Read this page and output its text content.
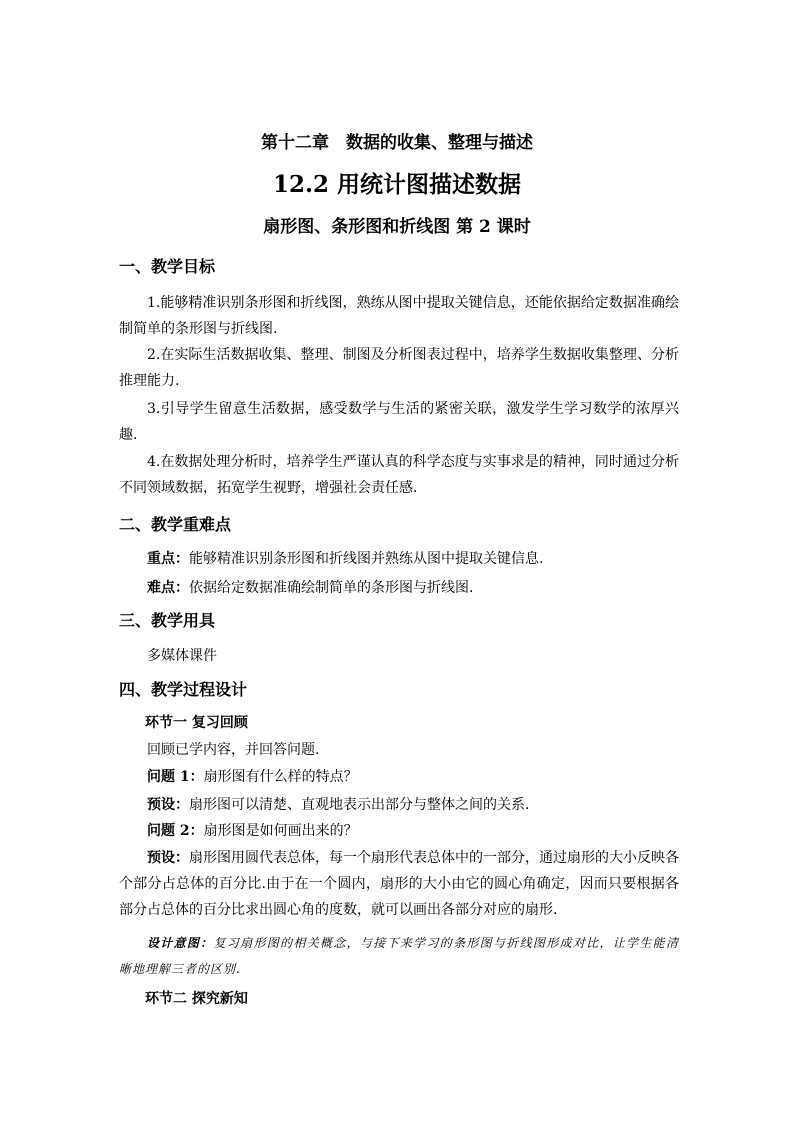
第十二章　数据的收集、整理与描述
12.2 用统计图描述数据
扇形图、条形图和折线图 第 2 课时
一、教学目标
1.能够精准识别条形图和折线图，熟练从图中提取关键信息，还能依据给定数据准确绘制简单的条形图与折线图.
2.在实际生活数据收集、整理、制图及分析图表过程中，培养学生数据收集整理、分析推理能力.
3.引导学生留意生活数据，感受数学与生活的紧密关联，激发学生学习数学的浓厚兴趣.
4.在数据处理分析时，培养学生严谨认真的科学态度与实事求是的精神，同时通过分析不同领域数据，拓宽学生视野，增强社会责任感.
二、教学重难点
重点：能够精准识别条形图和折线图并熟练从图中提取关键信息.
难点：依据给定数据准确绘制简单的条形图与折线图.
三、教学用具
多媒体课件
四、教学过程设计
环节一 复习回顾
回顾已学内容，并回答问题.
问题 1：扇形图有什么样的特点？
预设：扇形图可以清楚、直观地表示出部分与整体之间的关系.
问题 2：扇形图是如何画出来的？
预设：扇形图用圆代表总体，每一个扇形代表总体中的一部分，通过扇形的大小反映各个部分占总体的百分比.由于在一个圆内，扇形的大小由它的圆心角确定，因而只要根据各部分占总体的百分比求出圆心角的度数，就可以画出各部分对应的扇形.
设计意图：复习扇形图的相关概念，与接下来学习的条形图与折线图形成对比，让学生能清晰地理解三者的区别.
环节二 探究新知
